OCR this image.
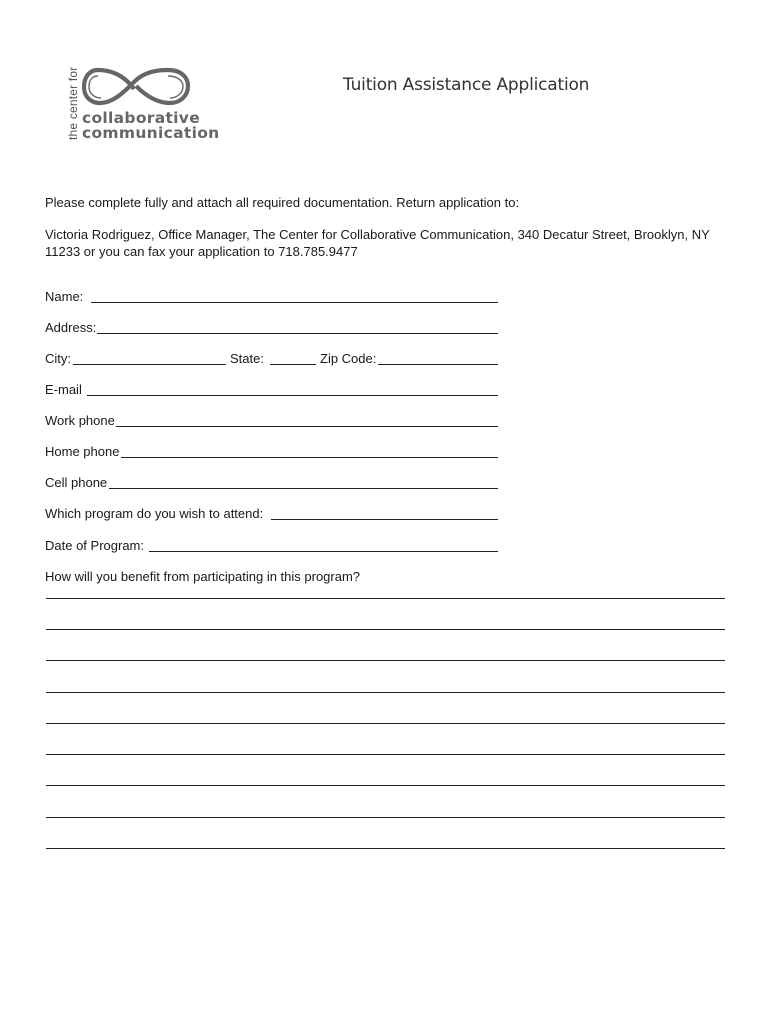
the center for collaborative
communication
Tuition Assistance Application
Please complete fully and attach all required documentation. Return application to:
Victoria Rodriguez, Office Manager, The Center for Collaborative Communication, 340 Decatur Street, Brooklyn, NY 11233 or you can fax your application to 718.785.9477
Name:
Address:
City:	State:	Zip Code:
E-mail
Work phone
Home phone
Cell phone
Which program do you wish to attend:
Date of Program:
How will you benefit from participating in this program?
